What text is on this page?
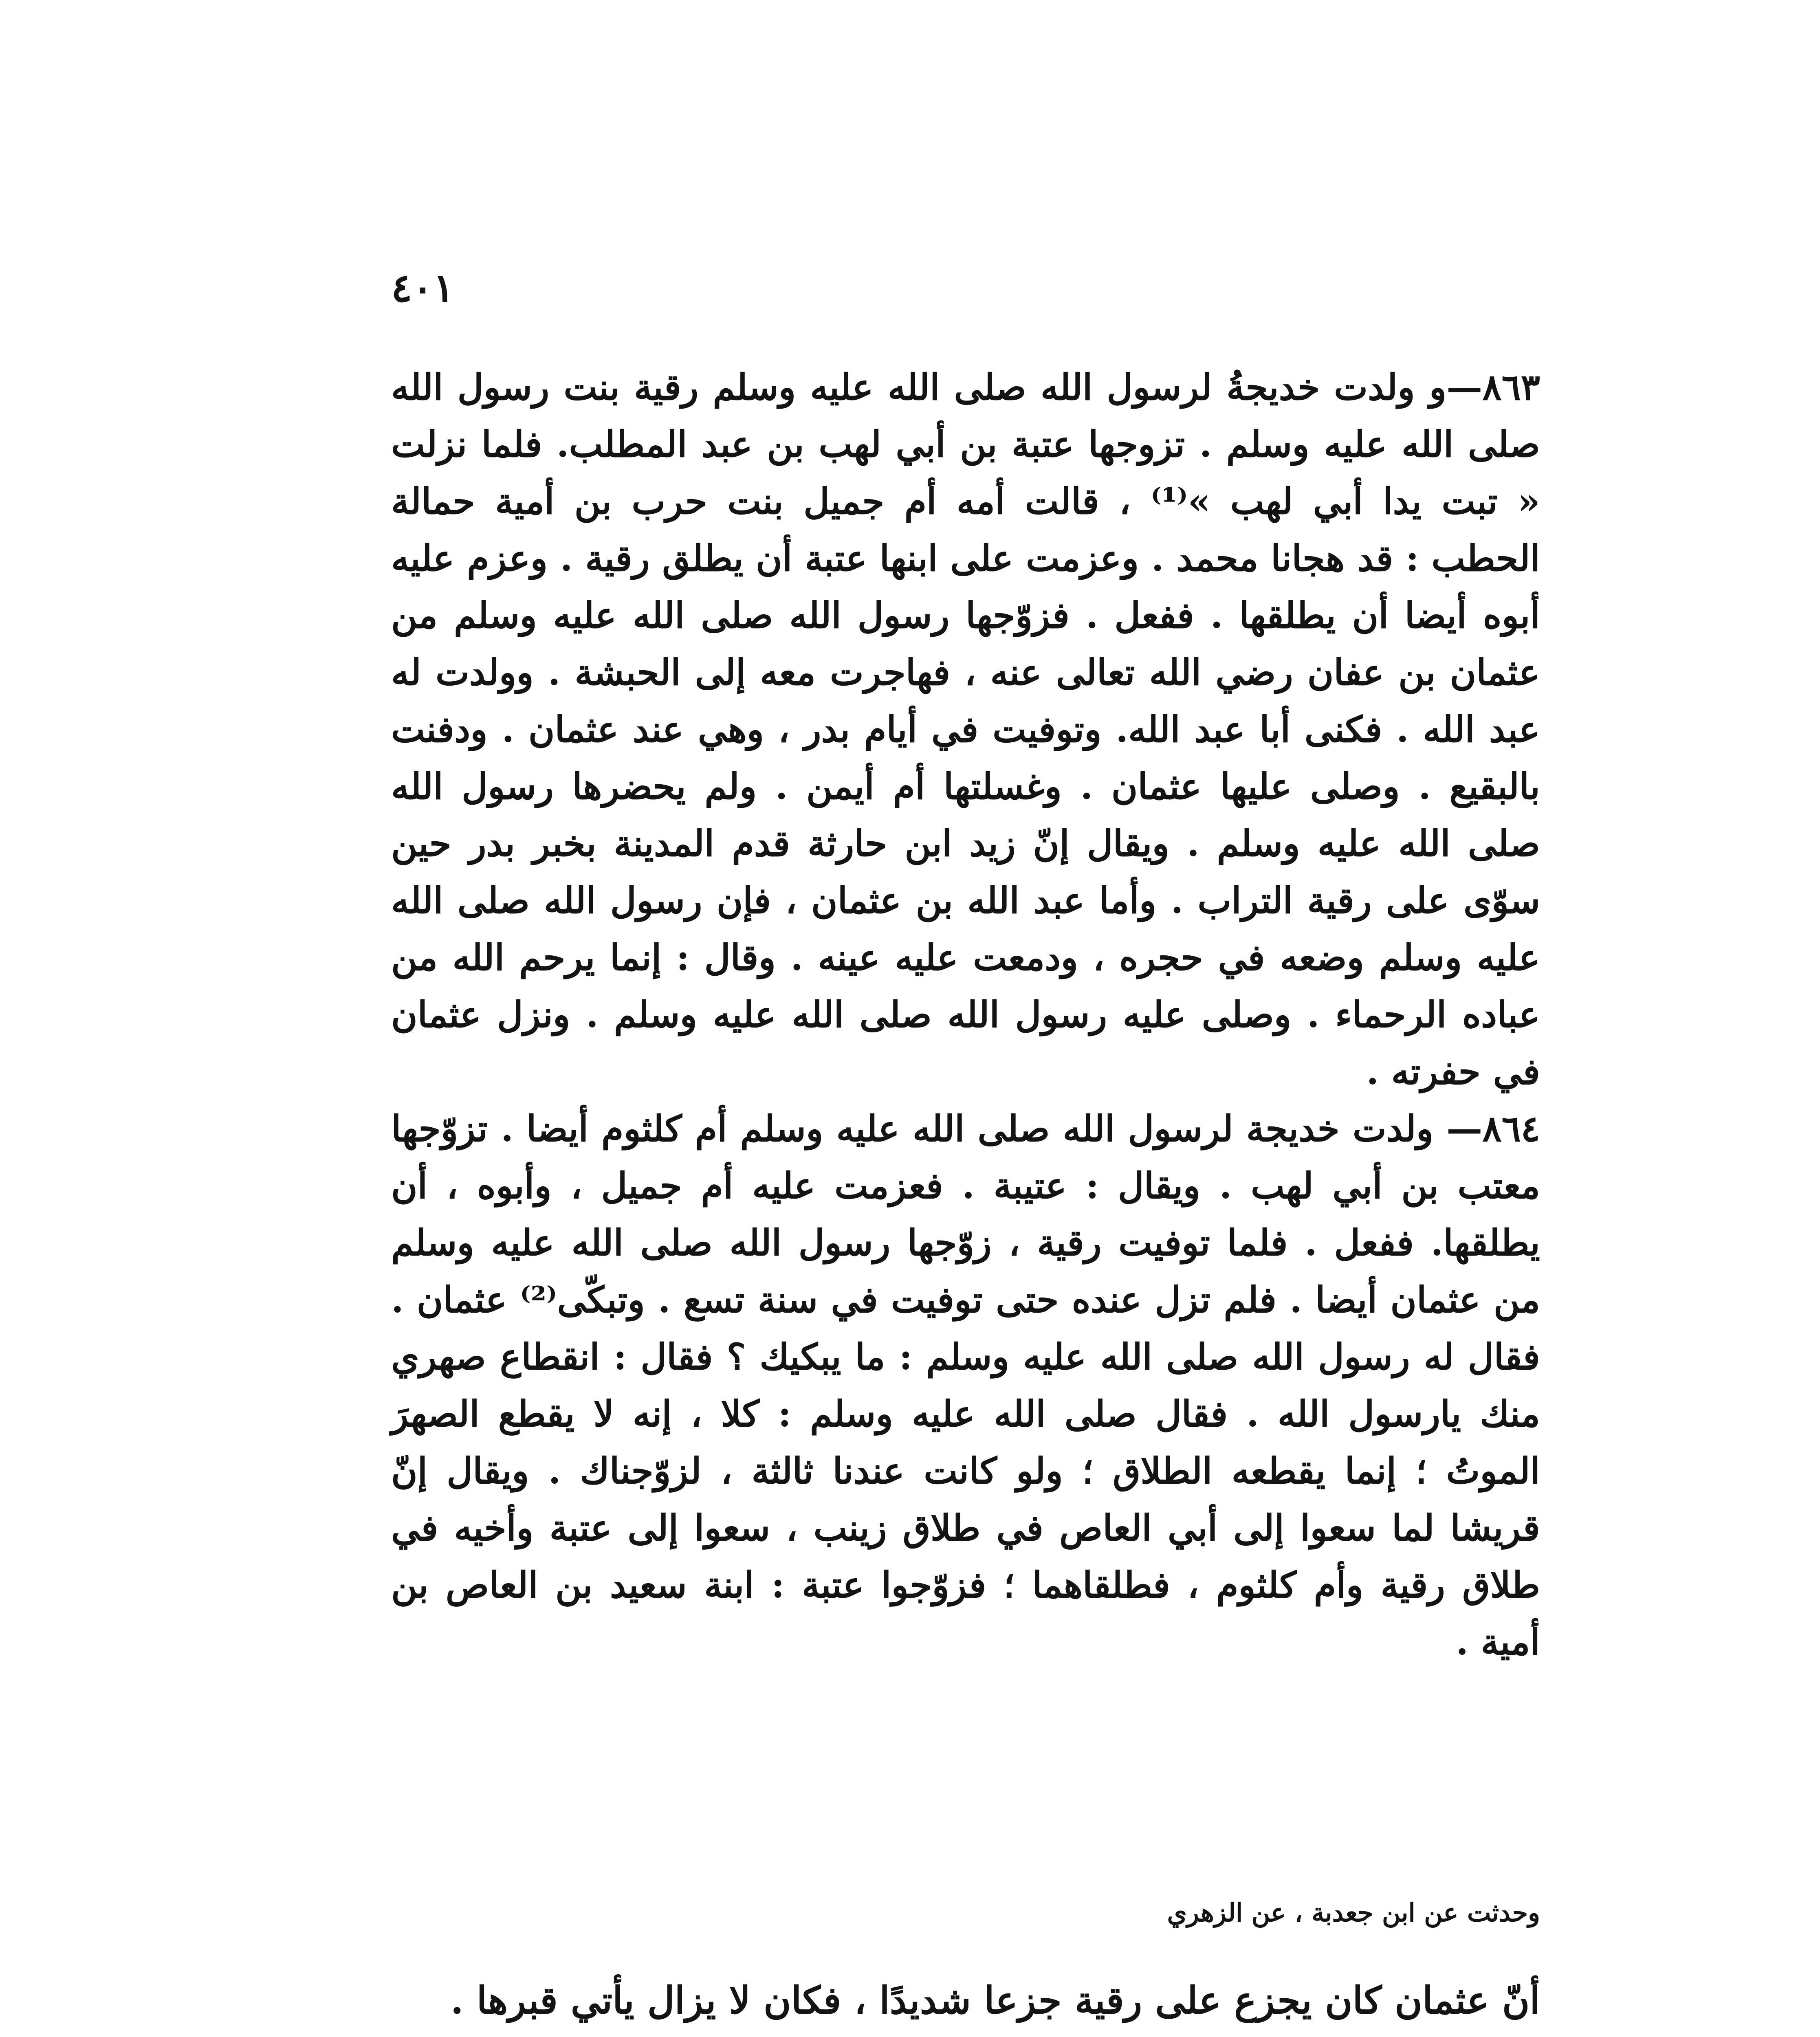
٤٠١

٨٦٣—و ولدت خديجةُ لرسول الله صلى الله عليه وسلم رقية بنت رسول الله صلى الله عليه وسلم . تزوجها عتبة بن أبي لهب بن عبد المطلب. فلما نزلت « تبت يدا أبي لهب »⁽¹⁾ ، قالت أمه أم جميل بنت حرب بن أمية حمالة الحطب : قد هجانا محمد . وعزمت على ابنها عتبة أن يطلق رقية . وعزم عليه أبوه أيضا أن يطلقها . ففعل . فزوّجها رسول الله صلى الله عليه وسلم من عثمان بن عفان رضي الله تعالى عنه ، فهاجرت معه إلى الحبشة . وولدت له عبد الله . فكنى أبا عبد الله. وتوفيت في أيام بدر ، وهي عند عثمان . ودفنت بالبقيع . وصلى عليها عثمان . وغسلتها أم أيمن . ولم يحضرها رسول الله صلى الله عليه وسلم . ويقال إنّ زيد ابن حارثة قدم المدينة بخبر بدر حين سوّى على رقية التراب . وأما عبد الله بن عثمان ، فإن رسول الله صلى الله عليه وسلم وضعه في حجره ، ودمعت عليه عينه . وقال : إنما يرحم الله من عباده الرحماء . وصلى عليه رسول الله صلى الله عليه وسلم . ونزل عثمان في حفرته .

٨٦٤— ولدت خديجة لرسول الله صلى الله عليه وسلم أم كلثوم أيضا . تزوّجها معتب بن أبي لهب . ويقال : عتيبة . فعزمت عليه أم جميل ، وأبوه ، أن يطلقها. ففعل . فلما توفيت رقية ، زوّجها رسول الله صلى الله عليه وسلم من عثمان أيضا . فلم تزل عنده حتى توفيت في سنة تسع . وتبكّى⁽²⁾ عثمان . فقال له رسول الله صلى الله عليه وسلم : ما يبكيك ؟ فقال : انقطاع صهري منك يارسول الله . فقال صلى الله عليه وسلم : كلا ، إنه لا يقطع الصهرَ الموتُ ؛ إنما يقطعه الطلاق ؛ ولو كانت عندنا ثالثة ، لزوّجناك . ويقال إنّ قريشا لما سعوا إلى أبي العاص في طلاق زينب ، سعوا إلى عتبة وأخيه في طلاق رقية وأم كلثوم ، فطلقاهما ؛ فزوّجوا عتبة : ابنة سعيد بن العاص بن أمية .

وحدثت عن ابن جعدبة ، عن الزهري
أنّ عثمان كان يجزع على رقية جزعا شديدًا ، فكان لا يزال يأتي قبرها .
